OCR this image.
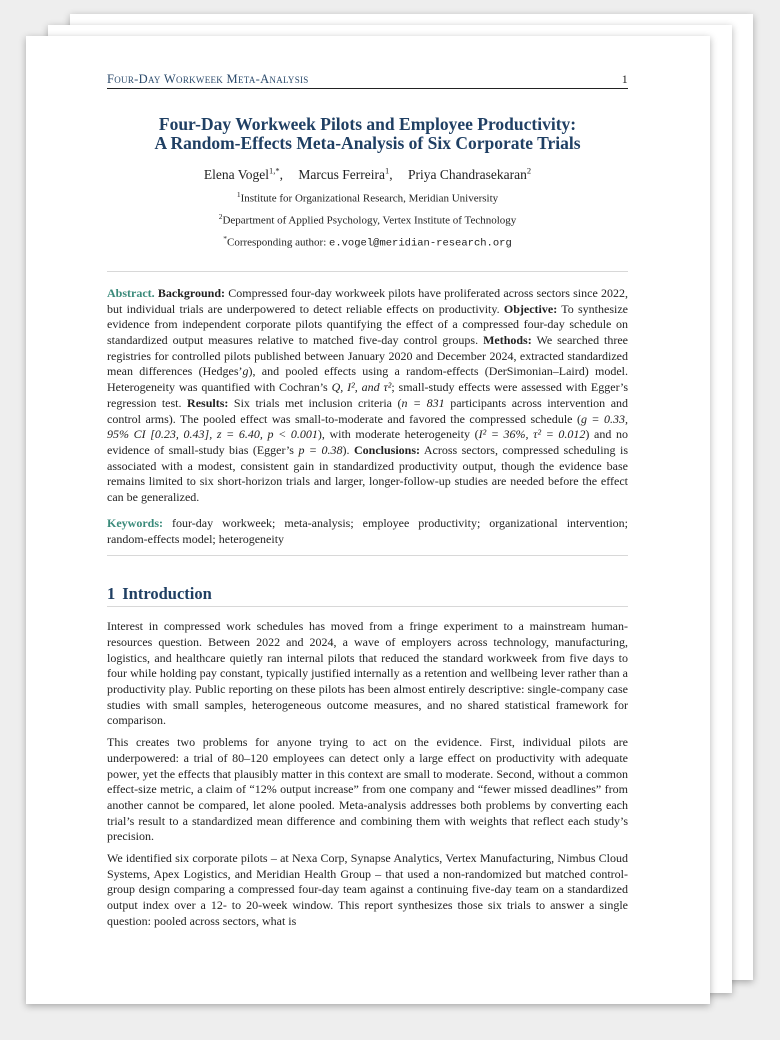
Four-Day Workweek Meta-Analysis	1
Four-Day Workweek Pilots and Employee Productivity:
A Random-Effects Meta-Analysis of Six Corporate Trials
Elena Vogel$^{1,*}$, Marcus Ferreira$^1$, Priya Chandrasekaran$^2$
$^1$Institute for Organizational Research, Meridian University
$^2$Department of Applied Psychology, Vertex Institute of Technology
*Corresponding author: e.vogel@meridian-research.org
Abstract. Background: Compressed four-day workweek pilots have proliferated across sectors since 2022, but individual trials are underpowered to detect reliable effects on productivity. Objective: To synthesize evidence from independent corporate pilots quantifying the effect of a compressed four-day schedule on standardized output measures relative to matched five-day control groups. Methods: We searched three registries for controlled pilots published between January 2020 and December 2024, extracted standardized mean differences (Hedges’g), and pooled effects using a random-effects (DerSimonian–Laird) model. Heterogeneity was quantified with Cochran’s Q, I², and τ²; small-study effects were assessed with Egger’s regression test. Results: Six trials met inclusion criteria (n = 831 participants across intervention and control arms). The pooled effect was small-to-moderate and favored the compressed schedule (g = 0.33, 95% CI [0.23, 0.43], z = 6.40, p < 0.001), with moderate heterogeneity (I² = 36%, τ² = 0.012) and no evidence of small-study bias (Egger’s p = 0.38). Conclusions: Across sectors, compressed scheduling is associated with a modest, consistent gain in standardized productivity output, though the evidence base remains limited to six short-horizon trials and larger, longer-follow-up studies are needed before the effect can be generalized.
Keywords: four-day workweek; meta-analysis; employee productivity; organizational intervention; random-effects model; heterogeneity
1 Introduction
Interest in compressed work schedules has moved from a fringe experiment to a mainstream human-resources question. Between 2022 and 2024, a wave of employers across technology, manufacturing, logistics, and healthcare quietly ran internal pilots that reduced the standard workweek from five days to four while holding pay constant, typically justified internally as a retention and wellbeing lever rather than a productivity play. Public reporting on these pilots has been almost entirely descriptive: single-company case studies with small samples, heterogeneous outcome measures, and no shared statistical framework for comparison.
This creates two problems for anyone trying to act on the evidence. First, individual pilots are underpowered: a trial of 80–120 employees can detect only a large effect on productivity with adequate power, yet the effects that plausibly matter in this context are small to moderate. Second, without a common effect-size metric, a claim of “12% output increase” from one company and “fewer missed deadlines” from another cannot be compared, let alone pooled. Meta-analysis addresses both problems by converting each trial’s result to a standardized mean difference and combining them with weights that reflect each study’s precision.
We identified six corporate pilots – at Nexa Corp, Synapse Analytics, Vertex Manufacturing, Nimbus Cloud Systems, Apex Logistics, and Meridian Health Group – that used a non-randomized but matched control-group design comparing a compressed four-day team against a continuing five-day team on a standardized output index over a 12- to 20-week window. This report synthesizes those six trials to answer a single question: pooled across sectors, what is
